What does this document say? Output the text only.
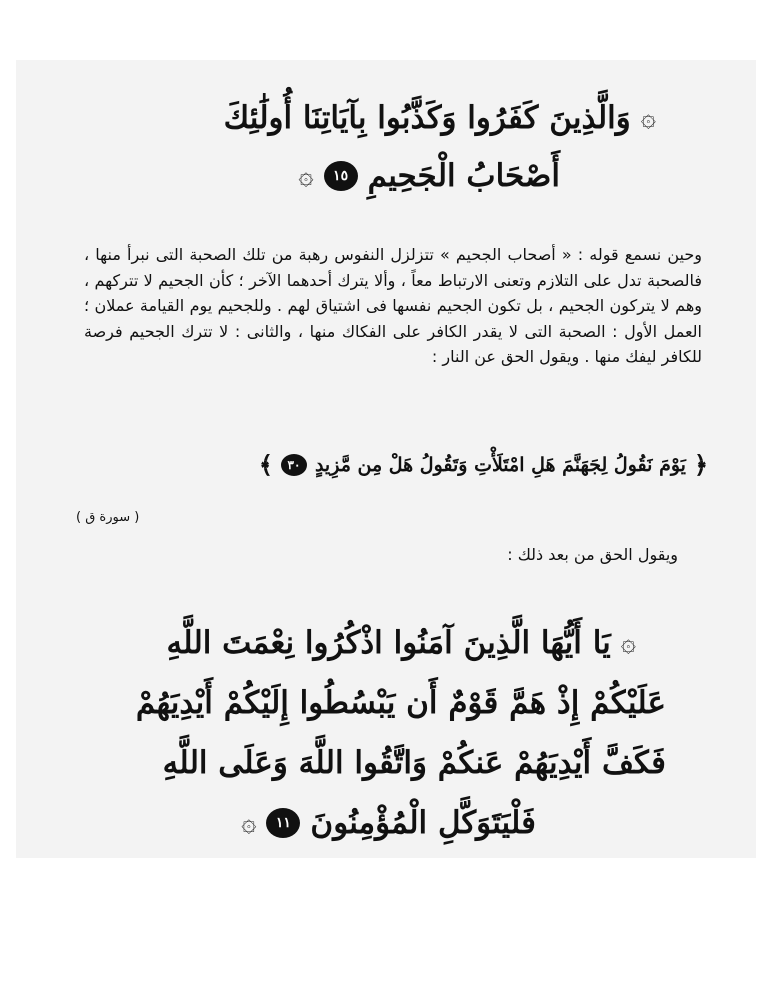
۞
وَالَّذِينَ كَفَرُوا وَكَذَّبُوا بِآيَاتِنَا أُولَٰئِكَ
أَصْحَابُ الْجَحِيمِ
١٥
۞
وحين نسمع قوله : « أصحاب الجحيم » تتزلزل النفوس رهبة من تلك الصحبة التى نبرأ منها ، فالصحبة تدل على التلازم وتعنى الارتباط معاً ، وألا يترك أحدهما الآخر ؛ كأن الجحيم لا تتركهم ، وهم لا يتركون الجحيم ، بل تكون الجحيم نفسها فى اشتياق لهم . وللجحيم يوم القيامة عملان ؛ العمل الأول : الصحبة التى لا يقدر الكافر على الفكاك منها ، والثانى : لا تترك الجحيم فرصة للكافر ليفك منها . ويقول الحق عن النار :
﴿
يَوْمَ نَقُولُ لِجَهَنَّمَ هَلِ امْتَلَأْتِ وَتَقُولُ هَلْ مِن مَّزِيدٍ
٣٠
﴾
( سورة ق )
ويقول الحق من بعد ذلك :
۞
يَا أَيُّهَا الَّذِينَ آمَنُوا اذْكُرُوا نِعْمَتَ اللَّهِ
عَلَيْكُمْ إِذْ هَمَّ قَوْمٌ أَن يَبْسُطُوا إِلَيْكُمْ أَيْدِيَهُمْ
فَكَفَّ أَيْدِيَهُمْ عَنكُمْ وَاتَّقُوا اللَّهَ وَعَلَى اللَّهِ
فَلْيَتَوَكَّلِ الْمُؤْمِنُونَ
١١
۞
